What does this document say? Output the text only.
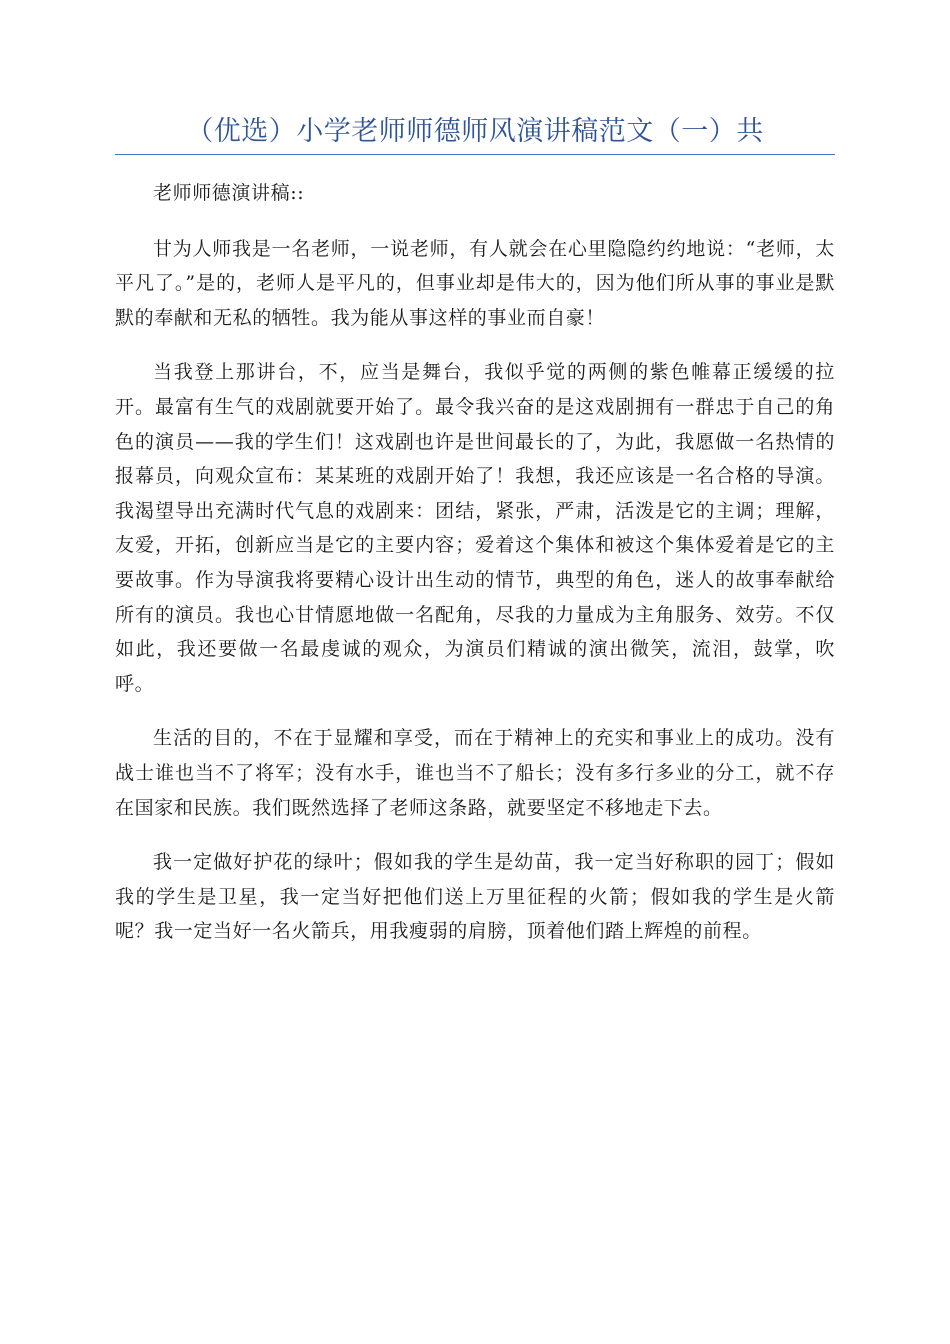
（优选）小学老师师德师风演讲稿范文（一）共

老师师德演讲稿::

甘为人师我是一名老师，一说老师，有人就会在心里隐隐约约地说：“老师，太平凡了。”是的，老师人是平凡的，但事业却是伟大的，因为他们所从事的事业是默默的奉献和无私的牺牲。我为能从事这样的事业而自豪！

当我登上那讲台，不，应当是舞台，我似乎觉的两侧的紫色帷幕正缓缓的拉开。最富有生气的戏剧就要开始了。最令我兴奋的是这戏剧拥有一群忠于自己的角色的演员——我的学生们！这戏剧也许是世间最长的了，为此，我愿做一名热情的报幕员，向观众宣布：某某班的戏剧开始了！我想，我还应该是一名合格的导演。我渴望导出充满时代气息的戏剧来：团结，紧张，严肃，活泼是它的主调；理解，友爱，开拓，创新应当是它的主要内容；爱着这个集体和被这个集体爱着是它的主要故事。作为导演我将要精心设计出生动的情节，典型的角色，迷人的故事奉献给所有的演员。我也心甘情愿地做一名配角，尽我的力量成为主角服务、效劳。不仅如此，我还要做一名最虔诚的观众，为演员们精诚的演出微笑，流泪，鼓掌，吹呼。

生活的目的，不在于显耀和享受，而在于精神上的充实和事业上的成功。没有战士谁也当不了将军；没有水手，谁也当不了船长；没有多行多业的分工，就不存在国家和民族。我们既然选择了老师这条路，就要坚定不移地走下去。

我一定做好护花的绿叶；假如我的学生是幼苗，我一定当好称职的园丁；假如我的学生是卫星，我一定当好把他们送上万里征程的火箭；假如我的学生是火箭呢？我一定当好一名火箭兵，用我瘦弱的肩膀，顶着他们踏上辉煌的前程。
